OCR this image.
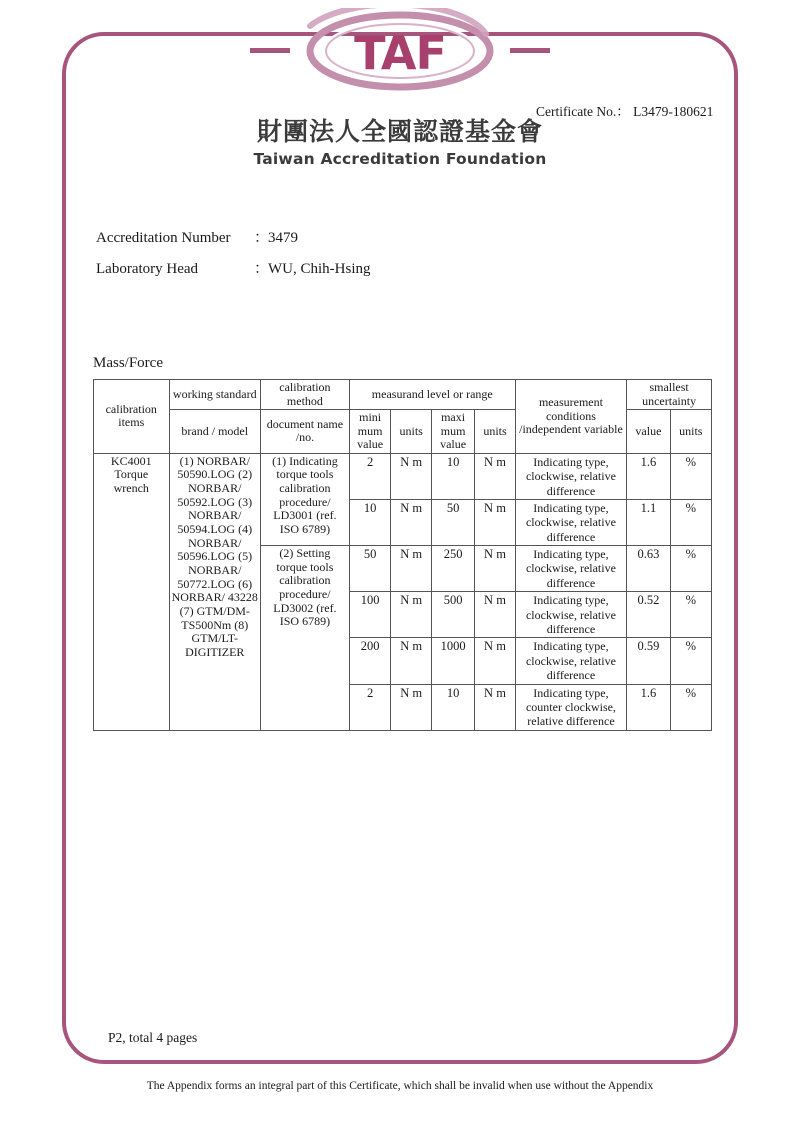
TAF
財團法人全國認證基金會
Taiwan Accreditation Foundation
Certificate No.： L3479-180621
Accreditation Number ：3479
Laboratory Head	：WU, Chih-Hsing
Mass/Force
calibration items	working standard	calibration method	measurand level or range				measurement conditions /independent variable	smallest uncertainty	
	brand / model	document name /no.	mini mum value	units	maxi mum value	units		value	units
KC4001 Torque wrench	(1) NORBAR/ 50590.LOG (2) NORBAR/ 50592.LOG (3) NORBAR/ 50594.LOG (4) NORBAR/ 50596.LOG (5) NORBAR/ 50772.LOG (6) NORBAR/ 43228 (7) GTM/DM-TS500Nm (8) GTM/LT-DIGITIZER	(1) Indicating torque tools calibration procedure/ LD3001 (ref. ISO 6789)	2	N m	10	N m	Indicating type, clockwise, relative difference	1.6	%
			10	N m	50	N m	Indicating type, clockwise, relative difference	1.1	%
		(2) Setting torque tools calibration procedure/ LD3002 (ref. ISO 6789)	50	N m	250	N m	Indicating type, clockwise, relative difference	0.63	%
			100	N m	500	N m	Indicating type, clockwise, relative difference	0.52	%
			200	N m	1000	N m	Indicating type, clockwise, relative difference	0.59	%
			2	N m	10	N m	Indicating type, counter clockwise, relative difference	1.6	%
P2, total 4 pages
The Appendix forms an integral part of this Certificate, which shall be invalid when use without the Appendix
